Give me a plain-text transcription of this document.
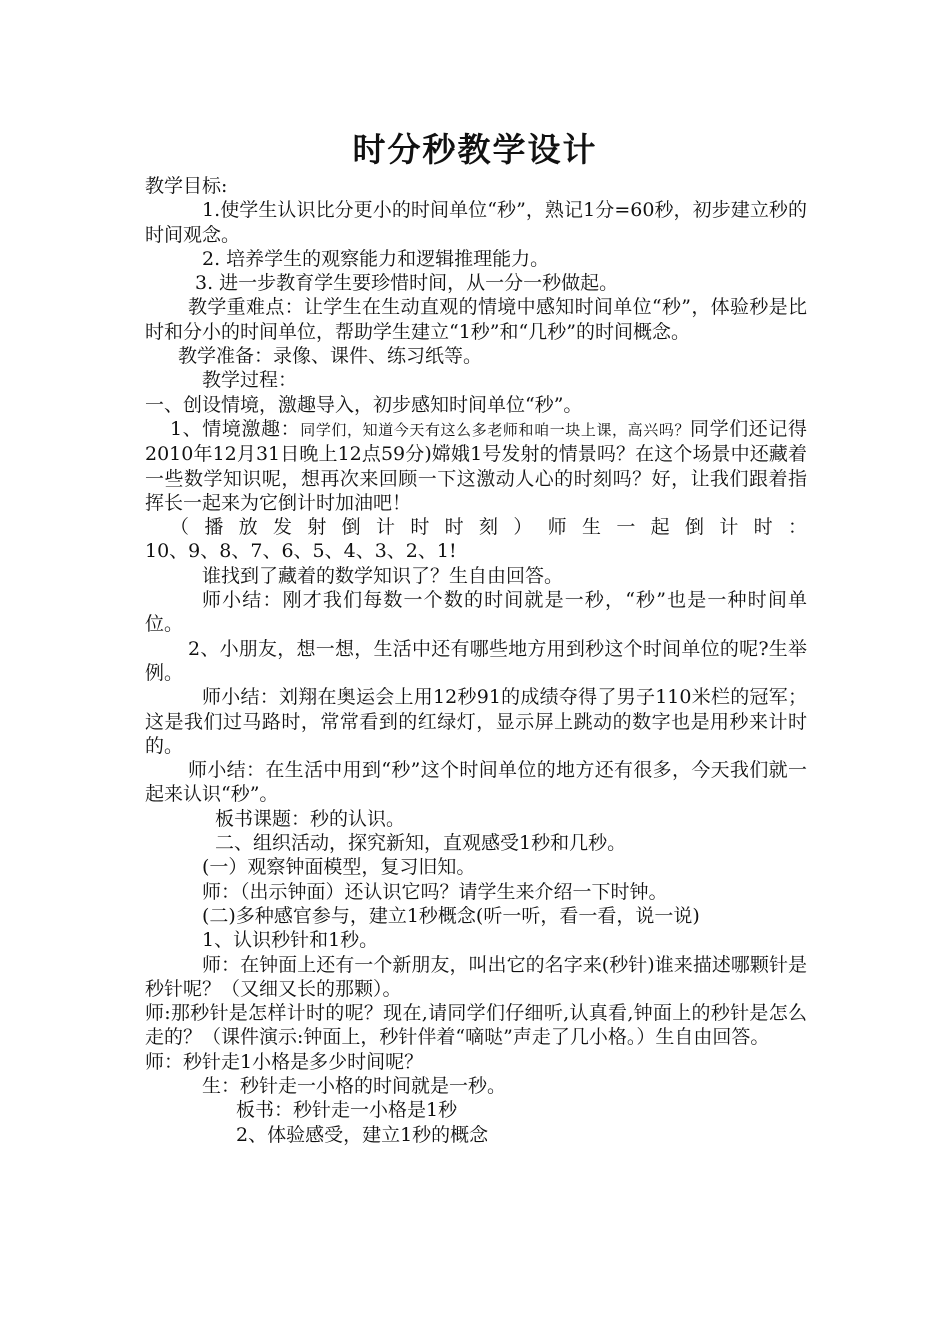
时分秒教学设计

教学目标:

1.使学生认识比分更小的时间单位“秒”，熟记1分=60秒，初步建立秒的时间观念。

2. 培养学生的观察能力和逻辑推理能力。

3. 进一步教育学生要珍惜时间，从一分一秒做起。

教学重难点：让学生在生动直观的情境中感知时间单位“秒”，体验秒是比时和分小的时间单位，帮助学生建立“1秒”和“几秒”的时间概念。

教学准备：录像、课件、练习纸等。

教学过程：

一、创设情境，激趣导入，初步感知时间单位“秒”。

1、情境激趣：同学们，知道今天有这么多老师和咱一块上课，高兴吗？同学们还记得2010年12月31日晚上12点59分)嫦娥1号发射的情景吗？在这个场景中还藏着一些数学知识呢，想再次来回顾一下这激动人心的时刻吗？好，让我们跟着指挥长一起来为它倒计时加油吧！

（播放发射倒计时时刻）师生一起倒计时：

10、9、8、7、6、5、4、3、2、1!

谁找到了藏着的数学知识了？生自由回答。

师小结：刚才我们每数一个数的时间就是一秒，“秒”也是一种时间单位。

2、小朋友，想一想，生活中还有哪些地方用到秒这个时间单位的呢?生举例。

师小结：刘翔在奥运会上用12秒91的成绩夺得了男子110米栏的冠军；这是我们过马路时，常常看到的红绿灯，显示屏上跳动的数字也是用秒来计时的。

师小结：在生活中用到“秒”这个时间单位的地方还有很多，今天我们就一起来认识“秒”。

板书课题：秒的认识。

二、组织活动，探究新知，直观感受1秒和几秒。

(一）观察钟面模型，复习旧知。

师：（出示钟面）还认识它吗？请学生来介绍一下时钟。

(二)多种感官参与，建立1秒概念(听一听，看一看，说一说)

1、认识秒针和1秒。

师：在钟面上还有一个新朋友，叫出它的名字来(秒针)谁来描述哪颗针是秒针呢？（又细又长的那颗）。

师:那秒针是怎样计时的呢？现在,请同学们仔细听,认真看,钟面上的秒针是怎么走的？（课件演示:钟面上，秒针伴着“嘀哒”声走了几小格。）生自由回答。

师：秒针走1小格是多少时间呢？

生：秒针走一小格的时间就是一秒。

板书：秒针走一小格是1秒

2、体验感受，建立1秒的概念
